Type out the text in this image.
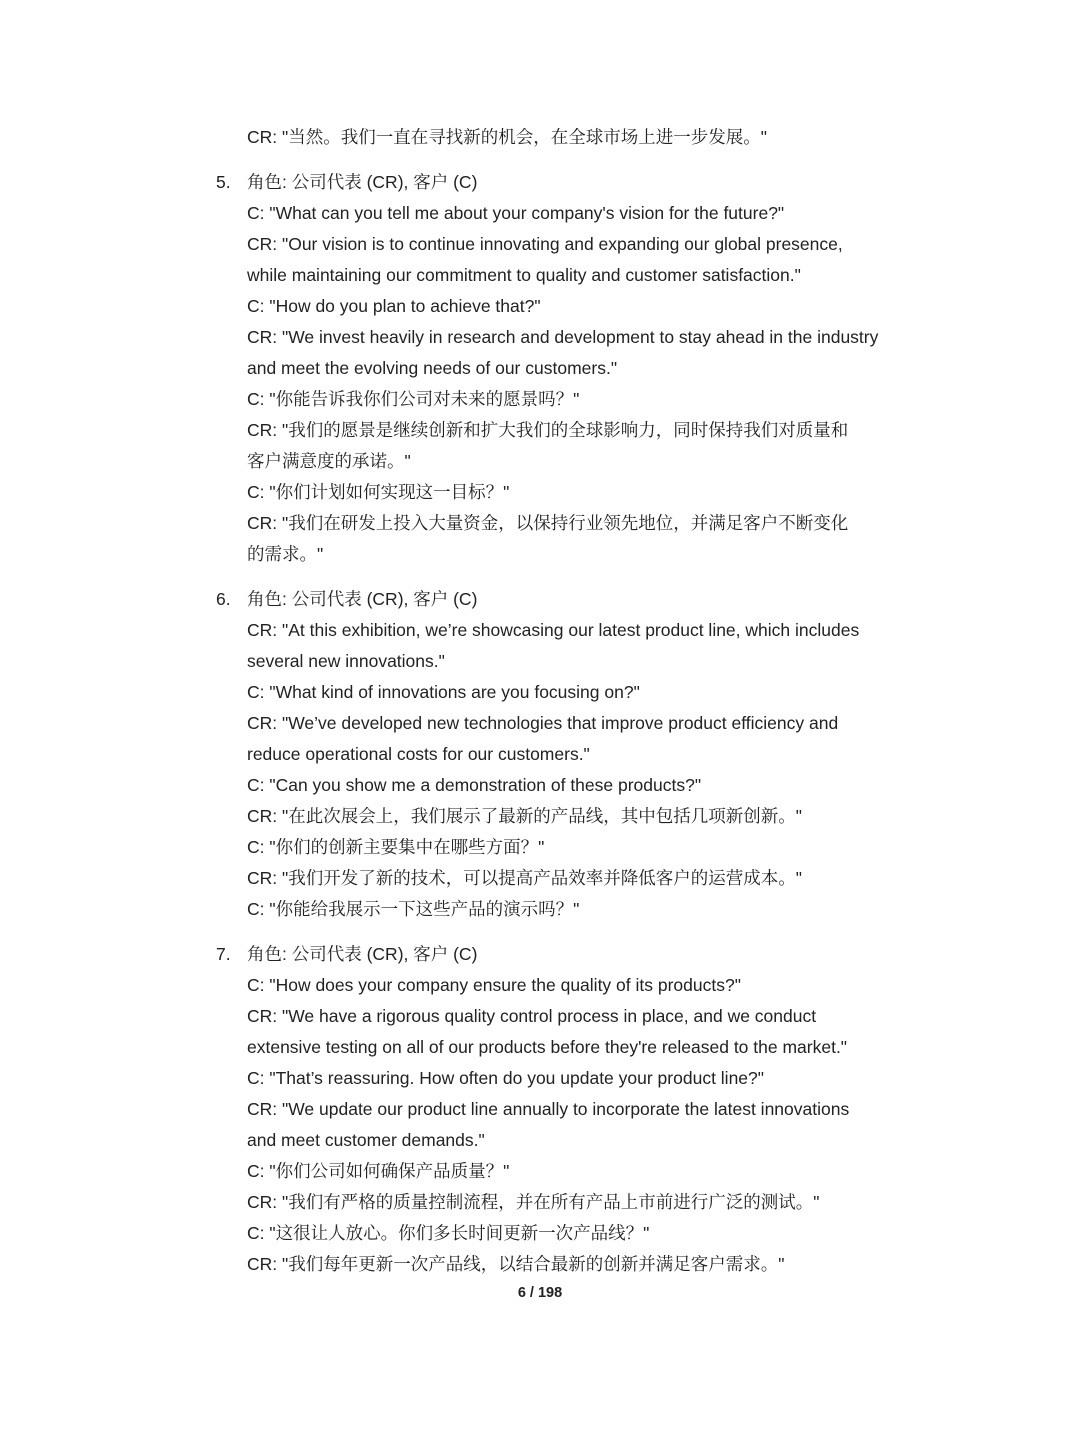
CR: "当然。我们一直在寻找新的机会，在全球市场上进一步发展。"
5. 角色: 公司代表 (CR), 客户 (C)
C: "What can you tell me about your company's vision for the future?"
CR: "Our vision is to continue innovating and expanding our global presence,
while maintaining our commitment to quality and customer satisfaction."
C: "How do you plan to achieve that?"
CR: "We invest heavily in research and development to stay ahead in the industry
and meet the evolving needs of our customers."
C: "你能告诉我你们公司对未来的愿景吗？"
CR: "我们的愿景是继续创新和扩大我们的全球影响力，同时保持我们对质量和
客户满意度的承诺。"
C: "你们计划如何实现这一目标？"
CR: "我们在研发上投入大量资金，以保持行业领先地位，并满足客户不断变化
的需求。"
6. 角色: 公司代表 (CR), 客户 (C)
CR: "At this exhibition, we’re showcasing our latest product line, which includes
several new innovations."
C: "What kind of innovations are you focusing on?"
CR: "We’ve developed new technologies that improve product efficiency and
reduce operational costs for our customers."
C: "Can you show me a demonstration of these products?"
CR: "在此次展会上，我们展示了最新的产品线，其中包括几项新创新。"
C: "你们的创新主要集中在哪些方面？"
CR: "我们开发了新的技术，可以提高产品效率并降低客户的运营成本。"
C: "你能给我展示一下这些产品的演示吗？"
7. 角色: 公司代表 (CR), 客户 (C)
C: "How does your company ensure the quality of its products?"
CR: "We have a rigorous quality control process in place, and we conduct
extensive testing on all of our products before they're released to the market."
C: "That’s reassuring. How often do you update your product line?"
CR: "We update our product line annually to incorporate the latest innovations
and meet customer demands."
C: "你们公司如何确保产品质量？"
CR: "我们有严格的质量控制流程，并在所有产品上市前进行广泛的测试。"
C: "这很让人放心。你们多长时间更新一次产品线？"
CR: "我们每年更新一次产品线，以结合最新的创新并满足客户需求。"
6 / 198
